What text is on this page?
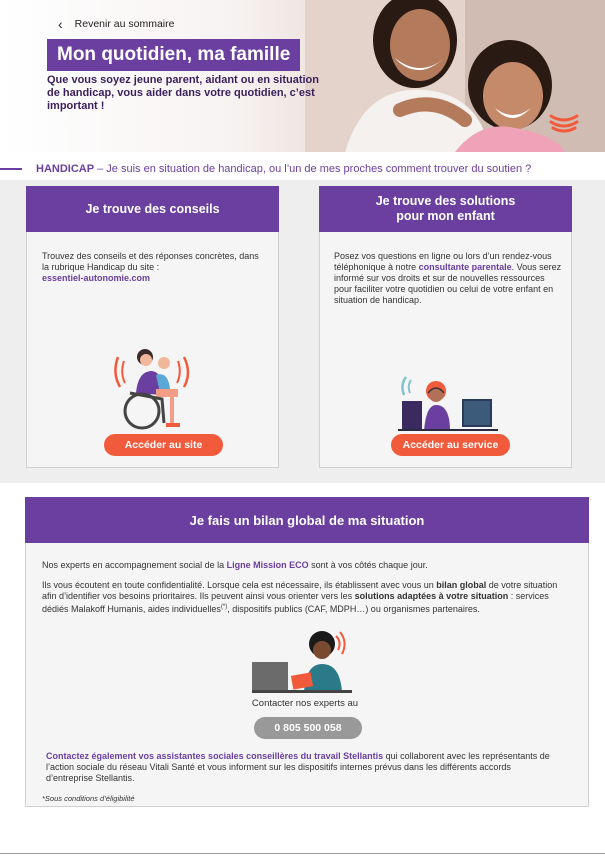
‹ Revenir au sommaire
Mon quotidien, ma famille
Que vous soyez jeune parent, aidant ou en situation de handicap, vous aider dans votre quotidien, c’est important !
HANDICAP – Je suis en situation de handicap, ou l’un de mes proches comment trouver du soutien ?
Je trouve des conseils
Trouvez des conseils et des réponses concrètes, dans la rubrique Handicap du site :
essentiel-autonomie.com
Accéder au site
Je trouve des solutions
pour mon enfant
Posez vos questions en ligne ou lors d’un rendez-vous téléphonique à notre consultante parentale. Vous serez informé sur vos droits et sur de nouvelles ressources pour faciliter votre quotidien ou celui de votre enfant en situation de handicap.
Accéder au service
Je fais un bilan global de ma situation
Nos experts en accompagnement social de la Ligne Mission ECO sont à vos côtés chaque jour.
Ils vous écoutent en toute confidentialité. Lorsque cela est nécessaire, ils établissent avec vous un bilan global de votre situation afin d’identifier vos besoins prioritaires. Ils peuvent ainsi vous orienter vers les solutions adaptées à votre situation : services dédiés Malakoff Humanis, aides individuelles(*), dispositifs publics (CAF, MDPH…) ou organismes partenaires.
Contacter nos experts au
0 805 500 058
Contactez également vos assistantes sociales conseillères du travail Stellantis qui collaborent avec les représentants de l’action sociale du réseau Vitali Santé et vous informent sur les dispositifs internes prévus dans les différents accords d’entreprise Stellantis.
*Sous conditions d’éligibilité
